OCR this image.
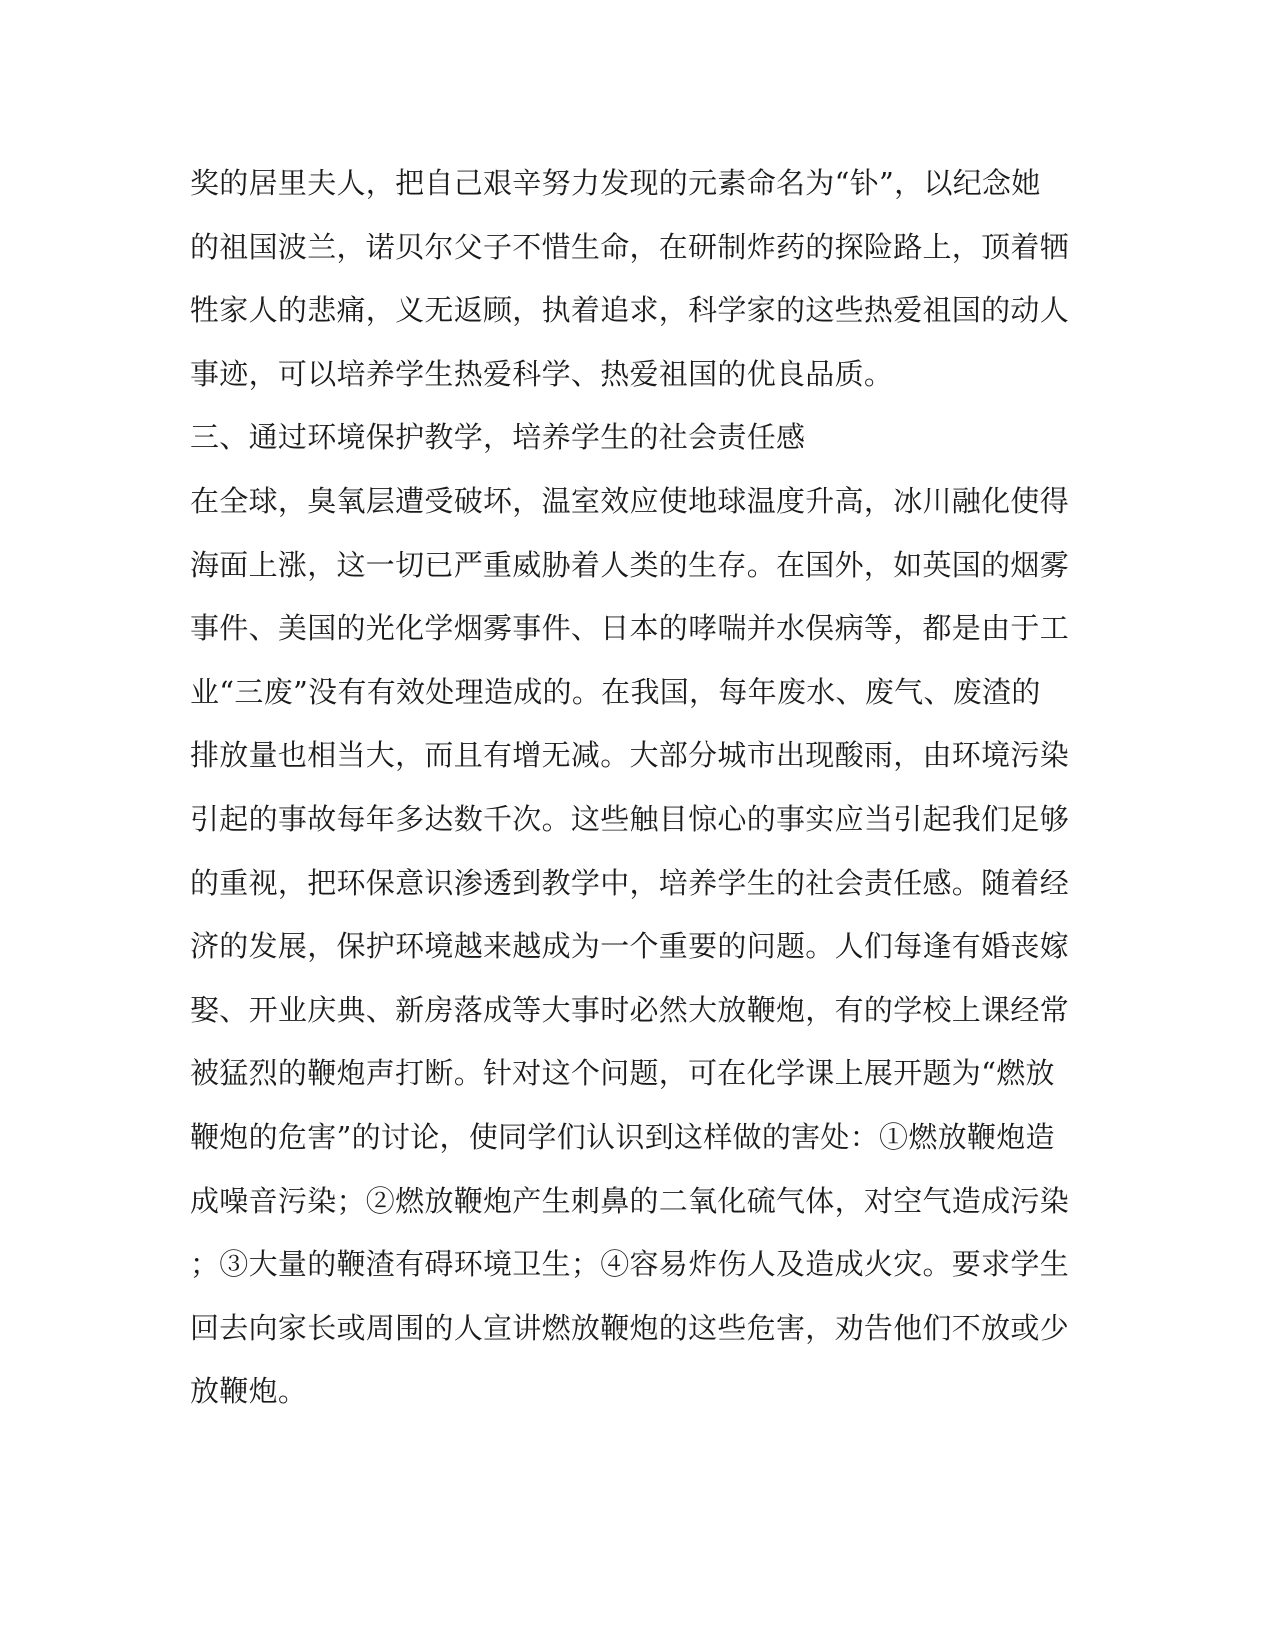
奖的居里夫人，把自己艰辛努力发现的元素命名为“钋”，以纪念她
的祖国波兰，诺贝尔父子不惜生命，在研制炸药的探险路上，顶着牺
牲家人的悲痛，义无返顾，执着追求，科学家的这些热爱祖国的动人
事迹，可以培养学生热爱科学、热爱祖国的优良品质。
三、通过环境保护教学，培养学生的社会责任感
在全球，臭氧层遭受破坏，温室效应使地球温度升高，冰川融化使得
海面上涨，这一切已严重威胁着人类的生存。在国外，如英国的烟雾
事件、美国的光化学烟雾事件、日本的哮喘并水俣病等，都是由于工
业“三废”没有有效处理造成的。在我国，每年废水、废气、废渣的
排放量也相当大，而且有增无减。大部分城市出现酸雨，由环境污染
引起的事故每年多达数千次。这些触目惊心的事实应当引起我们足够
的重视，把环保意识渗透到教学中，培养学生的社会责任感。随着经
济的发展，保护环境越来越成为一个重要的问题。人们每逢有婚丧嫁
娶、开业庆典、新房落成等大事时必然大放鞭炮，有的学校上课经常
被猛烈的鞭炮声打断。针对这个问题，可在化学课上展开题为“燃放
鞭炮的危害”的讨论，使同学们认识到这样做的害处：①燃放鞭炮造
成噪音污染；②燃放鞭炮产生刺鼻的二氧化硫气体，对空气造成污染
；③大量的鞭渣有碍环境卫生；④容易炸伤人及造成火灾。要求学生
回去向家长或周围的人宣讲燃放鞭炮的这些危害，劝告他们不放或少
放鞭炮。
